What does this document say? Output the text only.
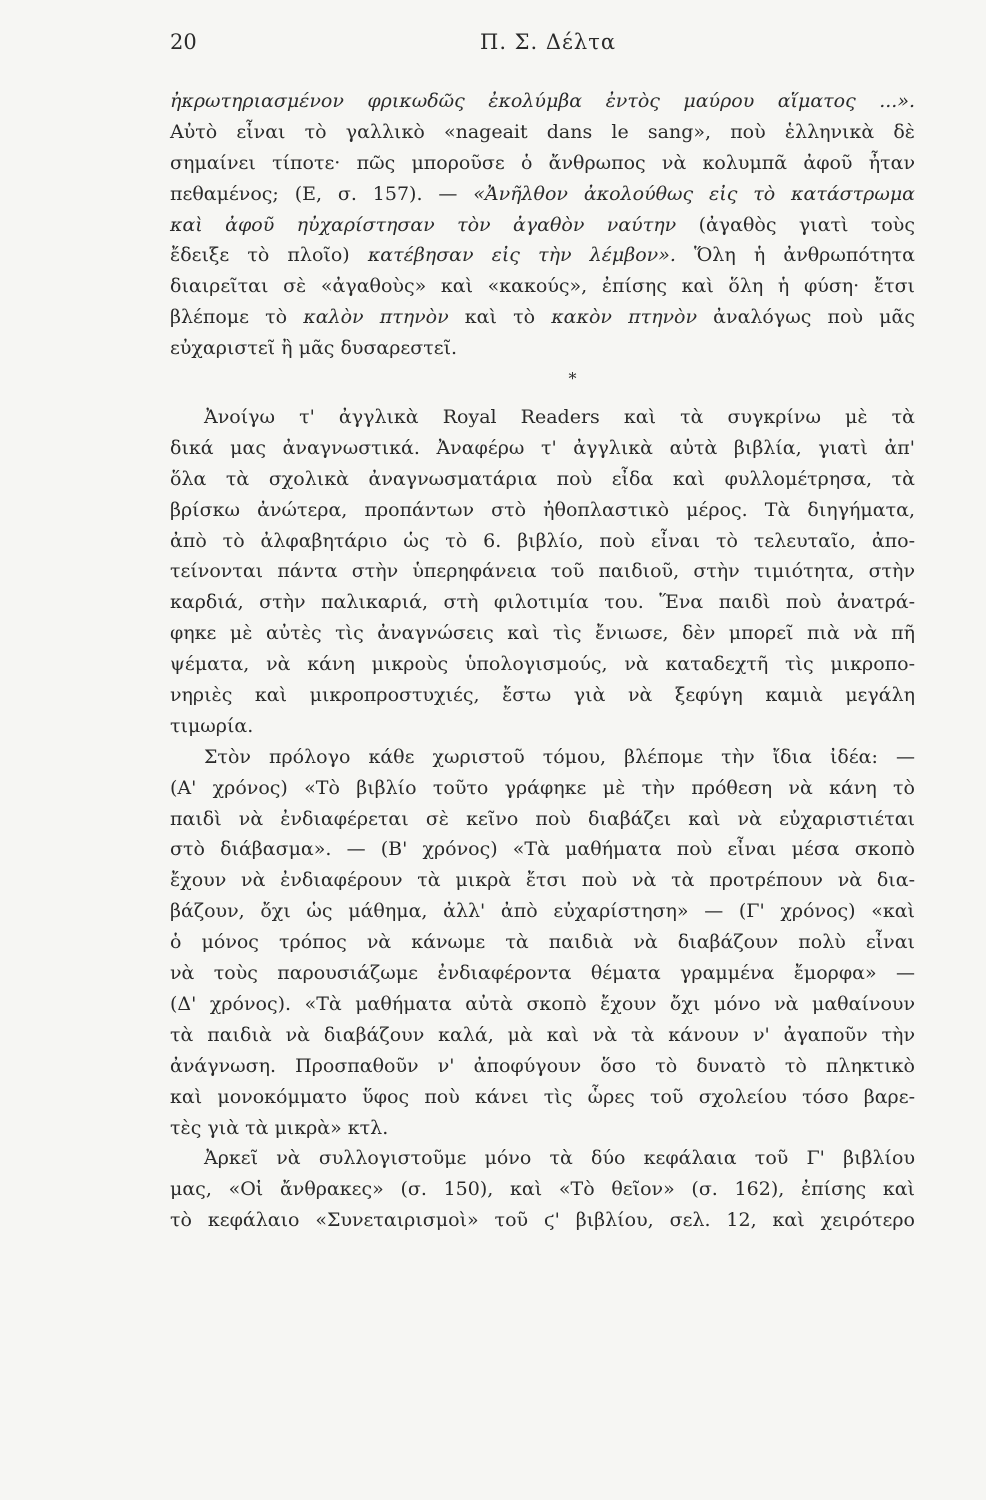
20	Π. Σ. Δέλτα
ἠκρωτηριασμένον φρικωδῶς ἐκολύμβα ἐντὸς μαύρου αἵματος ...».
Αὐτὸ εἶναι τὸ γαλλικὸ «nageait dans le sang», ποὺ ἑλληνικὰ δὲ
σημαίνει τίποτε· πῶς μποροῦσε ὁ ἄνθρωπος νὰ κολυμπᾶ ἀφοῦ ἦταν
πεθαμένος; (Ε, σ. 157). — «Ἀνῆλθον ἀκολούθως εἰς τὸ κατάστρωμα
καὶ ἀφοῦ ηὐχαρίστησαν τὸν ἀγαθὸν ναύτην (ἀγαθὸς γιατὶ τοὺς
ἔδειξε τὸ πλοῖο) κατέβησαν εἰς τὴν λέμβον». Ὅλη ἡ ἀνθρωπότητα
διαιρεῖται σὲ «ἀγαθοὺς» καὶ «κακούς», ἐπίσης καὶ ὅλη ἡ φύση· ἔτσι
βλέπομε τὸ καλὸν πτηνὸν καὶ τὸ κακὸν πτηνὸν ἀναλόγως ποὺ μᾶς
εὐχαριστεῖ ἢ μᾶς δυσαρεστεῖ.
*
Ἀνοίγω τ' ἀγγλικὰ Royal Readers καὶ τὰ συγκρίνω μὲ τὰ
δικά μας ἀναγνωστικά. Ἀναφέρω τ' ἀγγλικὰ αὐτὰ βιβλία, γιατὶ ἀπ'
ὅλα τὰ σχολικὰ ἀναγνωσματάρια ποὺ εἶδα καὶ φυλλομέτρησα, τὰ
βρίσκω ἀνώτερα, προπάντων στὸ ἠθοπλαστικὸ μέρος. Τὰ διηγήματα,
ἀπὸ τὸ ἀλφαβητάριο ὡς τὸ 6. βιβλίο, ποὺ εἶναι τὸ τελευταῖο, ἀπο-
τείνονται πάντα στὴν ὑπερηφάνεια τοῦ παιδιοῦ, στὴν τιμιότητα, στὴν
καρδιά, στὴν παλικαριά, στὴ φιλοτιμία του. Ἕνα παιδὶ ποὺ ἀνατρά-
φηκε μὲ αὐτὲς τὶς ἀναγνώσεις καὶ τὶς ἔνιωσε, δὲν μπορεῖ πιὰ νὰ πῆ
ψέματα, νὰ κάνη μικροὺς ὑπολογισμούς, νὰ καταδεχτῆ τὶς μικροπο-
νηριὲς καὶ μικροπροστυχιές, ἔστω γιὰ νὰ ξεφύγη καμιὰ μεγάλη
τιμωρία.
Στὸν πρόλογο κάθε χωριστοῦ τόμου, βλέπομε τὴν ἴδια ἰδέα: —
(Α' χρόνος) «Τὸ βιβλίο τοῦτο γράφηκε μὲ τὴν πρόθεση νὰ κάνη τὸ
παιδὶ νὰ ἐνδιαφέρεται σὲ κεῖνο ποὺ διαβάζει καὶ νὰ εὐχαριστιέται
στὸ διάβασμα». — (Β' χρόνος) «Τὰ μαθήματα ποὺ εἶναι μέσα σκοπὸ
ἔχουν νὰ ἐνδιαφέρουν τὰ μικρὰ ἔτσι ποὺ νὰ τὰ προτρέπουν νὰ δια-
βάζουν, ὄχι ὡς μάθημα, ἀλλ' ἀπὸ εὐχαρίστηση» — (Γ' χρόνος) «καὶ
ὁ μόνος τρόπος νὰ κάνωμε τὰ παιδιὰ νὰ διαβάζουν πολὺ εἶναι
νὰ τοὺς παρουσιάζωμε ἐνδιαφέροντα θέματα γραμμένα ἔμορφα» —
(Δ' χρόνος). «Τὰ μαθήματα αὐτὰ σκοπὸ ἔχουν ὄχι μόνο νὰ μαθαίνουν
τὰ παιδιὰ νὰ διαβάζουν καλά, μὰ καὶ νὰ τὰ κάνουν ν' ἀγαποῦν τὴν
ἀνάγνωση. Προσπαθοῦν ν' ἀποφύγουν ὅσο τὸ δυνατὸ τὸ πληκτικὸ
καὶ μονοκόμματο ὕφος ποὺ κάνει τὶς ὧρες τοῦ σχολείου τόσο βαρε-
τὲς γιὰ τὰ μικρὰ» κτλ.
Ἀρκεῖ νὰ συλλογιστοῦμε μόνο τὰ δύο κεφάλαια τοῦ Γ' βιβλίου
μας, «Οἱ ἄνθρακες» (σ. 150), καὶ «Τὸ θεῖον» (σ. 162), ἐπίσης καὶ
τὸ κεφάλαιο «Συνεταιρισμοὶ» τοῦ ϛ' βιβλίου, σελ. 12, καὶ χειρότερο
